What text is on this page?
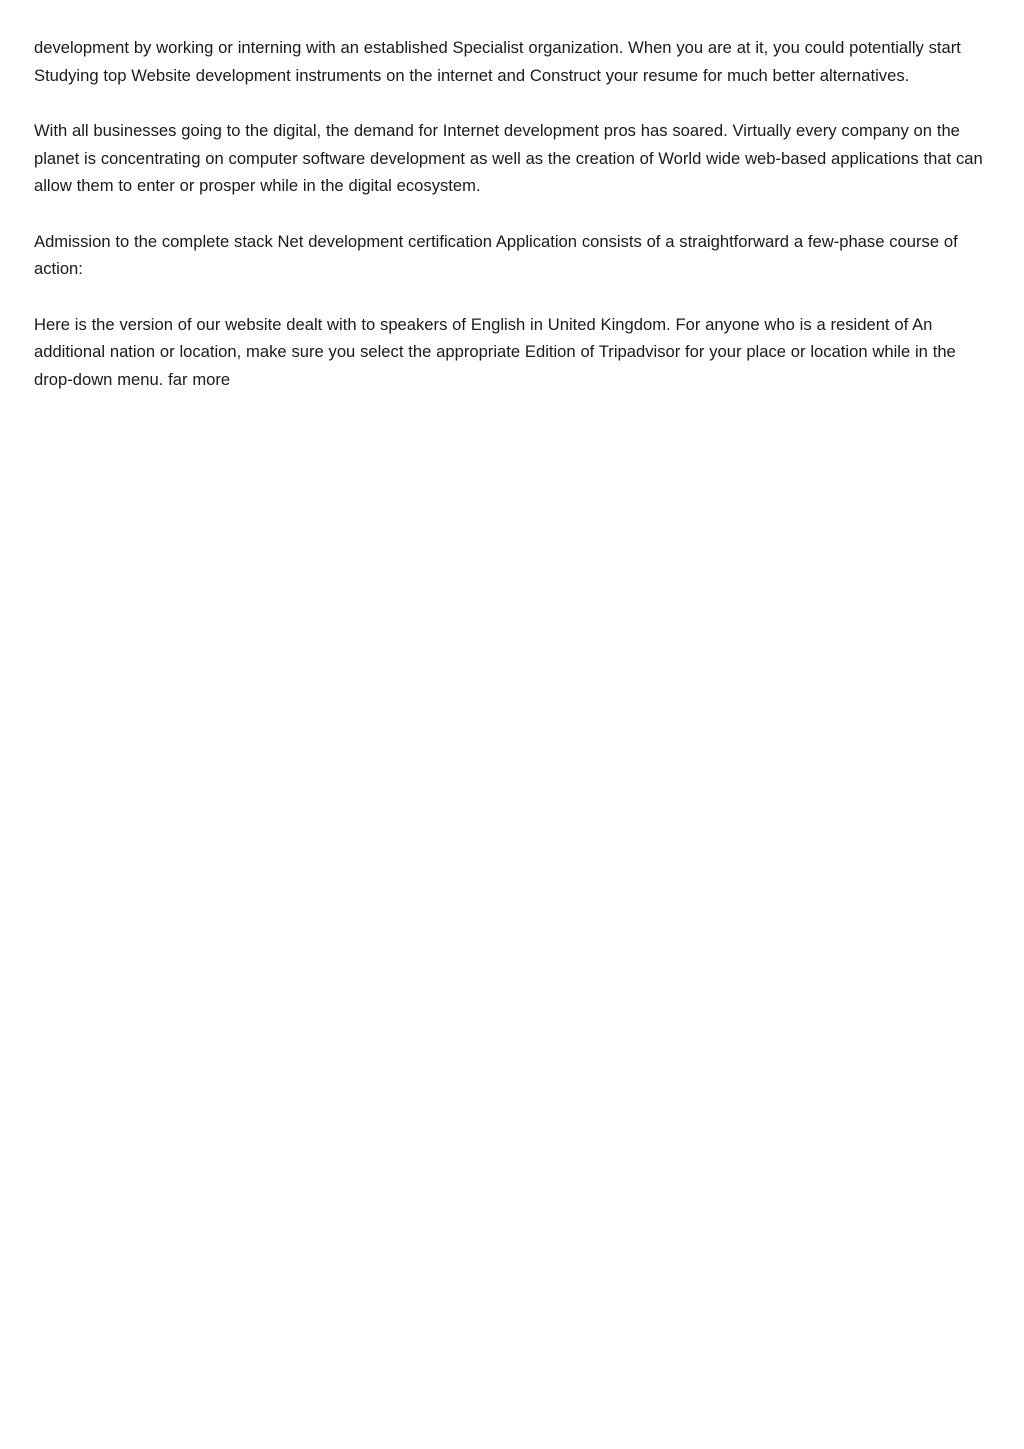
development by working or interning with an established Specialist organization. When you are at it, you could potentially start Studying top Website development instruments on the internet and Construct your resume for much better alternatives.

With all businesses going to the digital, the demand for Internet development pros has soared. Virtually every company on the planet is concentrating on computer software development as well as the creation of World wide web-based applications that can allow them to enter or prosper while in the digital ecosystem.

Admission to the complete stack Net development certification Application consists of a straightforward a few-phase course of action:

Here is the version of our website dealt with to speakers of English in United Kingdom. For anyone who is a resident of An additional nation or location, make sure you select the appropriate Edition of Tripadvisor for your place or location while in the drop-down menu. far more
